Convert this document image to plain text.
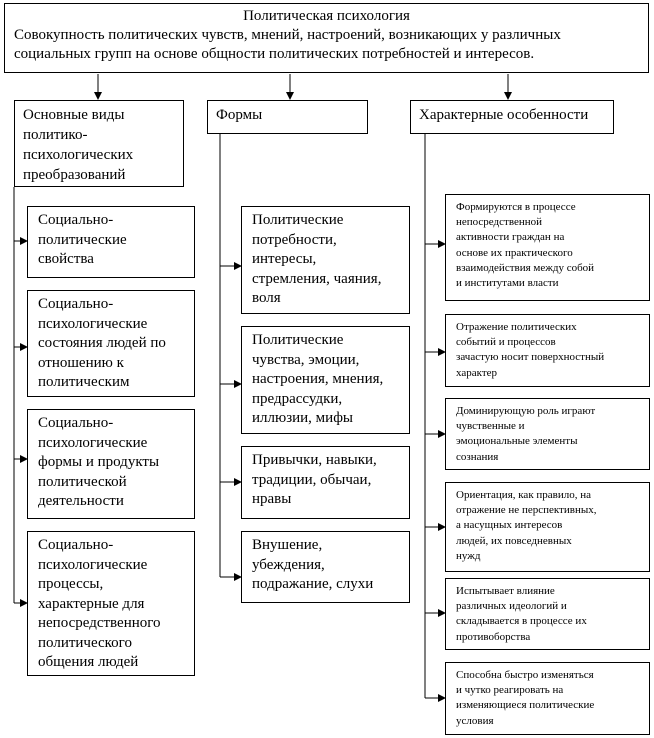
Политическая психология
Совокупность политических чувств, мнений, настроений, возникающих у различных
социальных групп на основе общности политических потребностей и интересов.
Основные виды
политико-
психологических
преобразований
Формы	Характерные особенности
Социально-
политические
свойства
Социально-
психологические
состояния людей по
отношению к
политическим
Социально-
психологические
формы и продукты
политической
деятельности
Социально-
психологические
процессы,
характерные для
непосредственного
политического
общения людей
Политические
потребности,
интересы,
стремления, чаяния,
воля
Политические
чувства, эмоции,
настроения, мнения,
предрассудки,
иллюзии, мифы
Привычки, навыки,
традиции, обычаи,
нравы
Внушение,
убеждения,
подражание, слухи
Формируются в процессе
непосредственной
активности граждан на
основе их практического
взаимодействия между собой
и институтами власти
Отражение политических
событий и процессов
зачастую носит поверхностный
характер
Доминирующую роль играют
чувственные и
эмоциональные элементы
сознания
Ориентация, как правило, на
отражение не перспективных,
а насущных интересов
людей, их повседневных
нужд
Испытывает влияние
различных идеологий и
складывается в процессе их
противоборства
Способна быстро изменяться
и чутко реагировать на
изменяющиеся политические
условия
